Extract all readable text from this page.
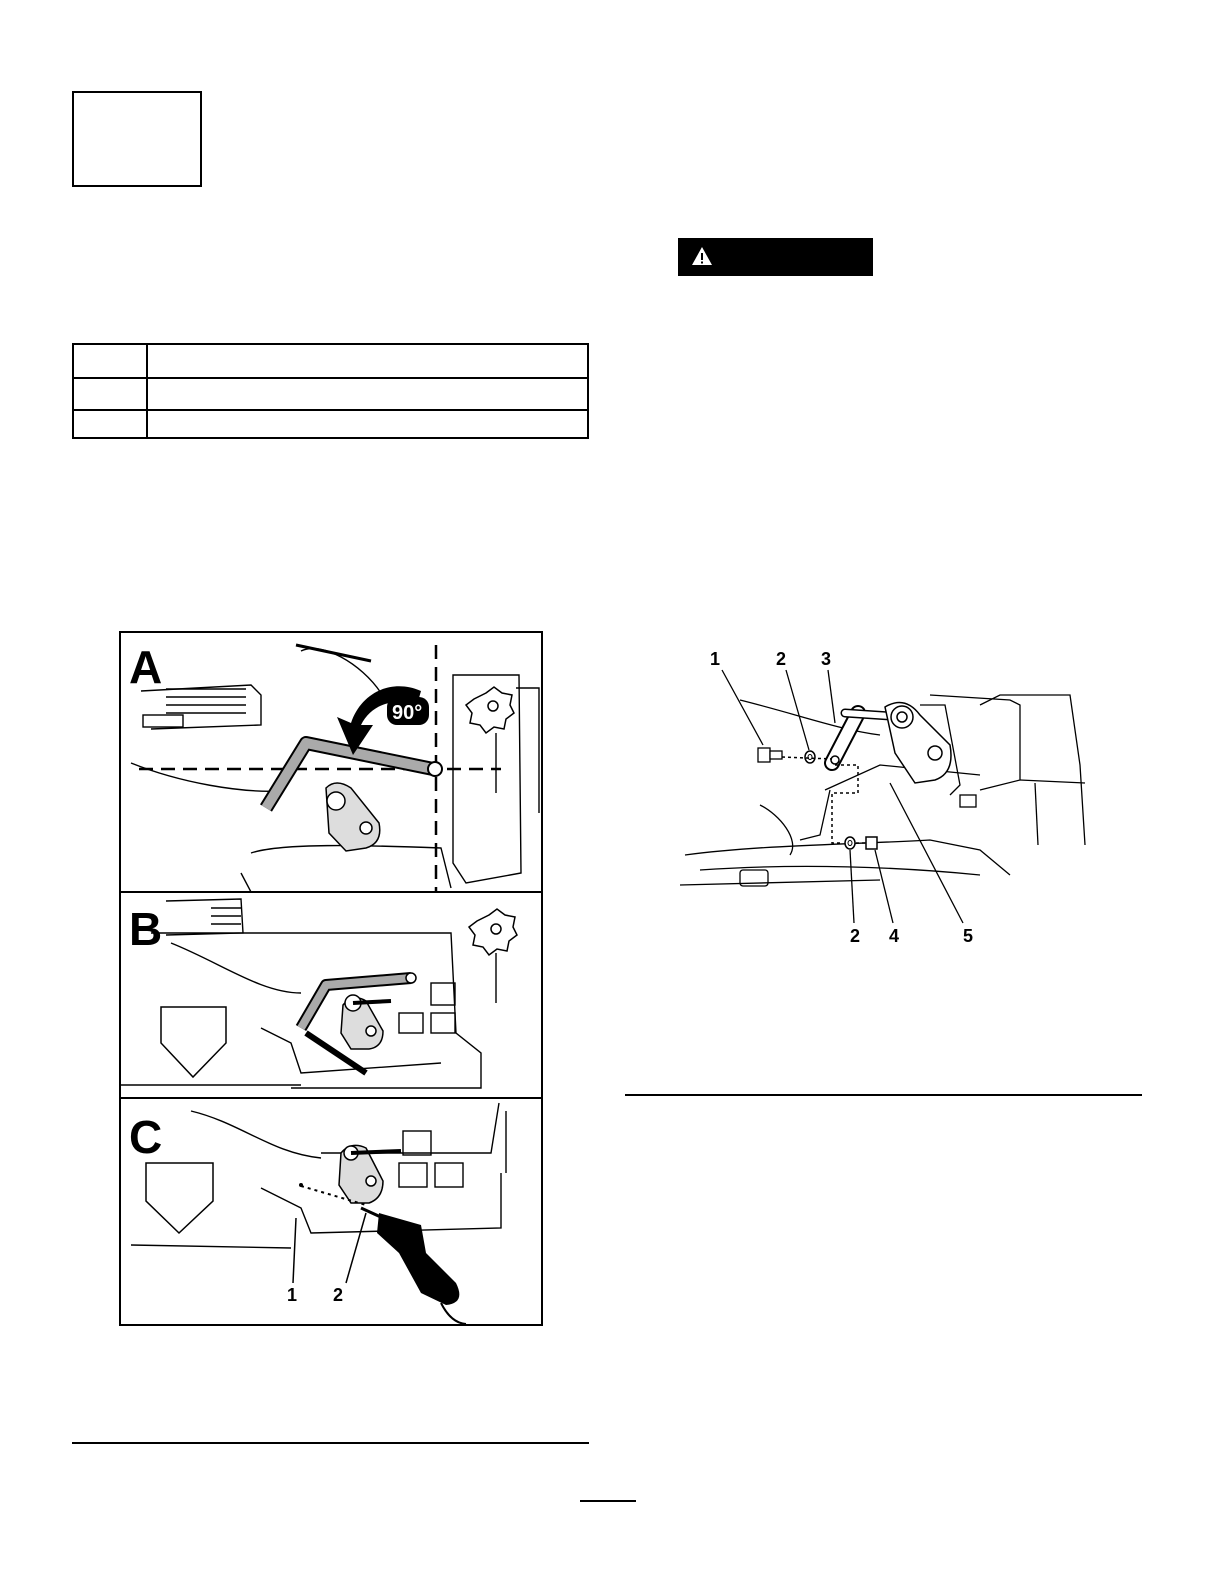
A
90°
B
C
1 2
1	2 3
2 4	5
